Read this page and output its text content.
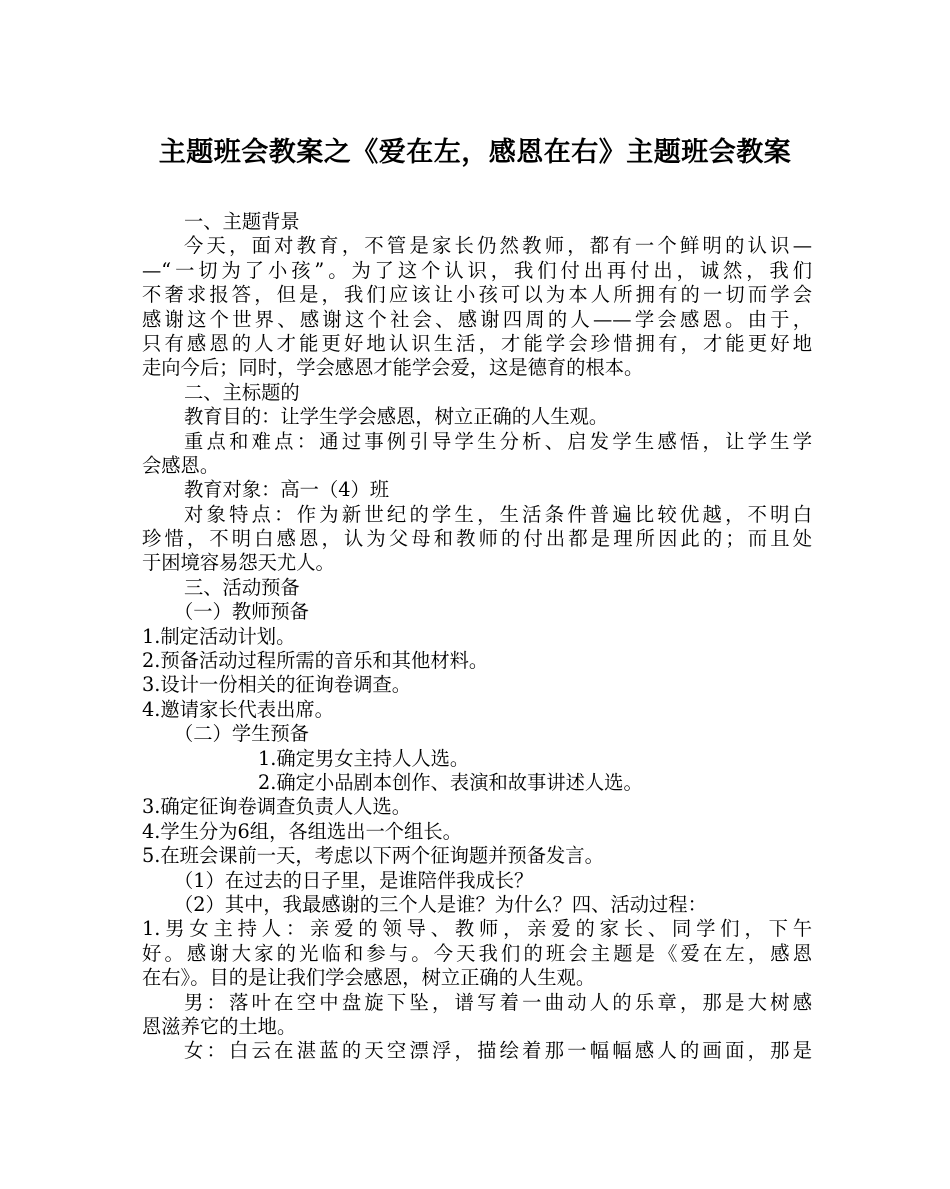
主题班会教案之《爱在左，感恩在右》主题班会教案
一、主题背景
今天，面对教育，不管是家长仍然教师，都有一个鲜明的认识—
—“一切为了小孩”。为了这个认识，我们付出再付出，诚然，我们
不奢求报答，但是，我们应该让小孩可以为本人所拥有的一切而学会
感谢这个世界、感谢这个社会、感谢四周的人——学会感恩。由于，
只有感恩的人才能更好地认识生活，才能学会珍惜拥有，才能更好地
走向今后；同时，学会感恩才能学会爱，这是德育的根本。
二、主标题的
教育目的：让学生学会感恩，树立正确的人生观。
重点和难点：通过事例引导学生分析、启发学生感悟，让学生学
会感恩。
教育对象：高一（4）班
对象特点：作为新世纪的学生，生活条件普遍比较优越，不明白
珍惜，不明白感恩，认为父母和教师的付出都是理所因此的；而且处
于困境容易怨天尤人。
三、活动预备
（一）教师预备
1.制定活动计划。
2.预备活动过程所需的音乐和其他材料。
3.设计一份相关的征询卷调查。
4.邀请家长代表出席。
（二）学生预备
1.确定男女主持人人选。
2.确定小品剧本创作、表演和故事讲述人选。
3.确定征询卷调查负责人人选。
4.学生分为6组，各组选出一个组长。
5.在班会课前一天，考虑以下两个征询题并预备发言。
（1）在过去的日子里，是谁陪伴我成长？
（2）其中，我最感谢的三个人是谁？为什么？四、活动过程：
1.男女主持人：亲爱的领导、教师，亲爱的家长、同学们，下午
好。感谢大家的光临和参与。今天我们的班会主题是《爱在左，感恩
在右》。目的是让我们学会感恩，树立正确的人生观。
男：落叶在空中盘旋下坠，谱写着一曲动人的乐章，那是大树感
恩滋养它的土地。
女：白云在湛蓝的天空漂浮，描绘着那一幅幅感人的画面，那是
